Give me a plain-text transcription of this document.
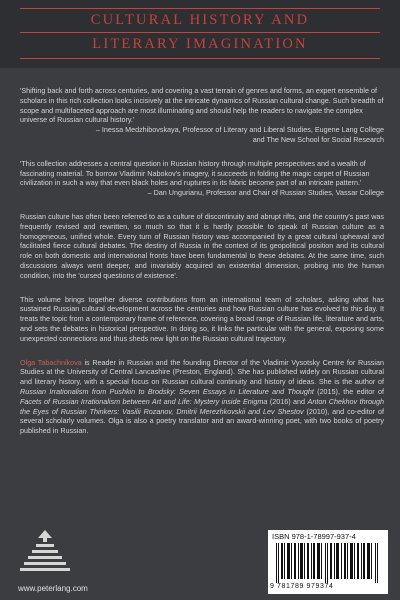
CULTURAL HISTORY AND
LITERARY IMAGINATION

'Shifting back and forth across centuries, and covering a vast terrain of genres and forms, an expert ensemble of scholars in this rich collection looks incisively at the intricate dynamics of Russian cultural change. Such breadth of scope and multifaceted approach are most illuminating and should help the readers to navigate the complex universe of Russian cultural history.'

– Inessa Medzhibovskaya, Professor of Literary and Liberal Studies, Eugene Lang College
and The New School for Social Research

'This collection addresses a central question in Russian history through multiple perspectives and a wealth of fascinating material. To borrow Vladimir Nabokov's imagery, it succeeds in folding the magic carpet of Russian civilization in such a way that even black holes and ruptures in its fabric become part of an intricate pattern.'

– Dan Ungurianu, Professor and Chair of Russian Studies, Vassar College

Russian culture has often been referred to as a culture of discontinuity and abrupt rifts, and the country's past was frequently revised and rewritten, so much so that it is hardly possible to speak of Russian culture as a homogeneous, unified whole. Every turn of Russian history was accompanied by a great cultural upheaval and facilitated fierce cultural debates. The destiny of Russia in the context of its geopolitical position and its cultural role on both domestic and international fronts have been fundamental to these debates. At the same time, such discussions always went deeper, and invariably acquired an existential dimension, probing into the human condition, into the 'cursed questions of existence'.

This volume brings together diverse contributions from an international team of scholars, asking what has sustained Russian cultural development across the centuries and how Russian culture has evolved to this day. It treats the topic from a contemporary frame of reference, covering a broad range of Russian life, literature and arts, and sets the debates in historical perspective. In doing so, it links the particular with the general, exposing some unexpected connections and thus sheds new light on the Russian cultural trajectory.

Olga Tabachnikova is Reader in Russian and the founding Director of the Vladimir Vysotsky Centre for Russian Studies at the University of Central Lancashire (Preston, England). She has published widely on Russian cultural and literary history, with a special focus on Russian cultural continuity and history of ideas. She is the author of Russian Irrationalism from Pushkin to Brodsky: Seven Essays in Literature and Thought (2015), the editor of Facets of Russian Irrationalism between Art and Life: Mystery inside Enigma (2016) and Anton Chekhov through the Eyes of Russian Thinkers: Vasilii Rozanov, Dmitrii Merezhkovskii and Lev Shestov (2010), and co-editor of several scholarly volumes. Olga is also a poetry translator and an award-winning poet, with two books of poetry published in Russian.

www.peterlang.com
ISBN 978-1-78997-937-4
9 781789 979374
